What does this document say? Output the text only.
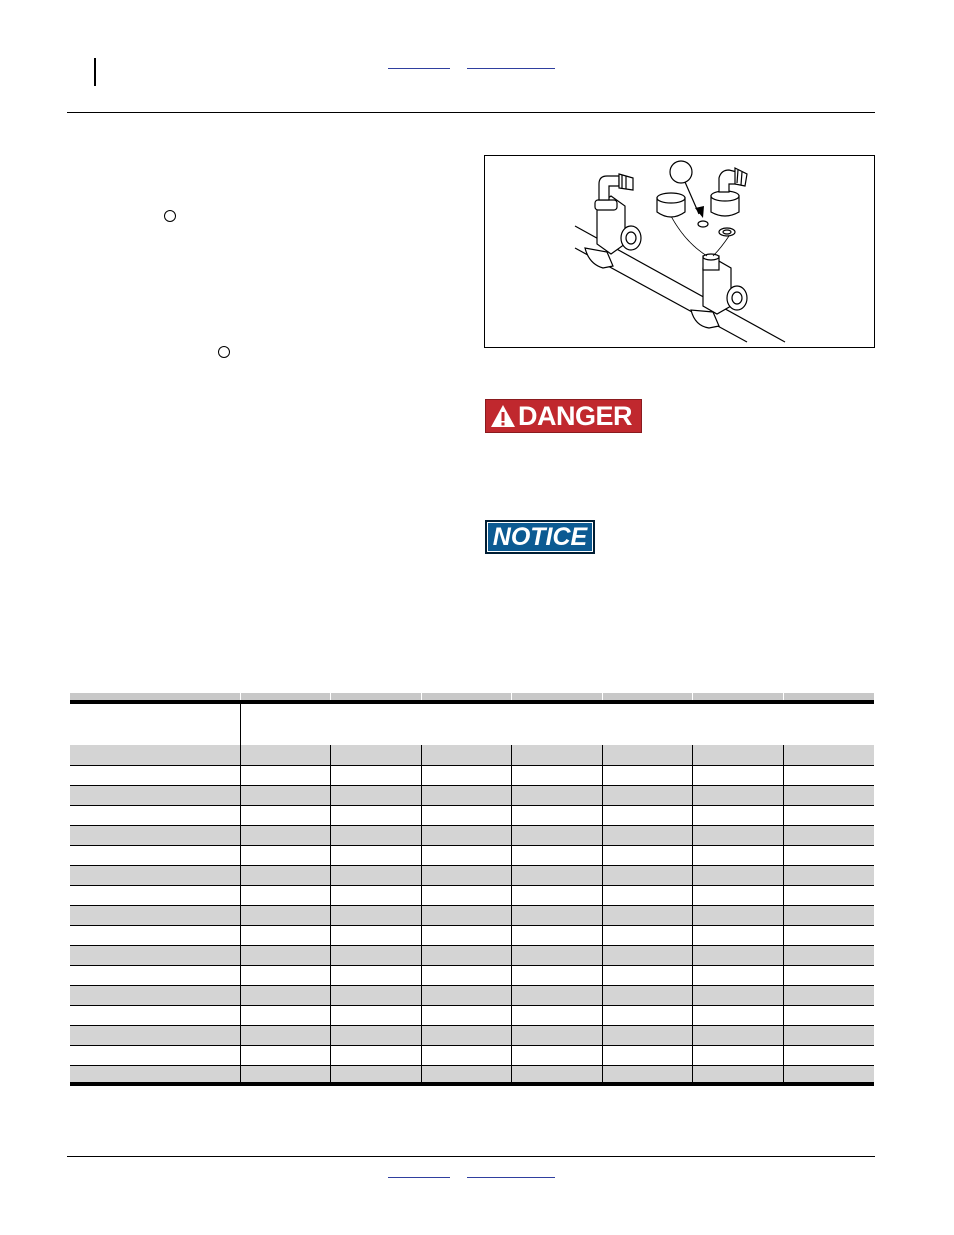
DANGER
NOTICE
